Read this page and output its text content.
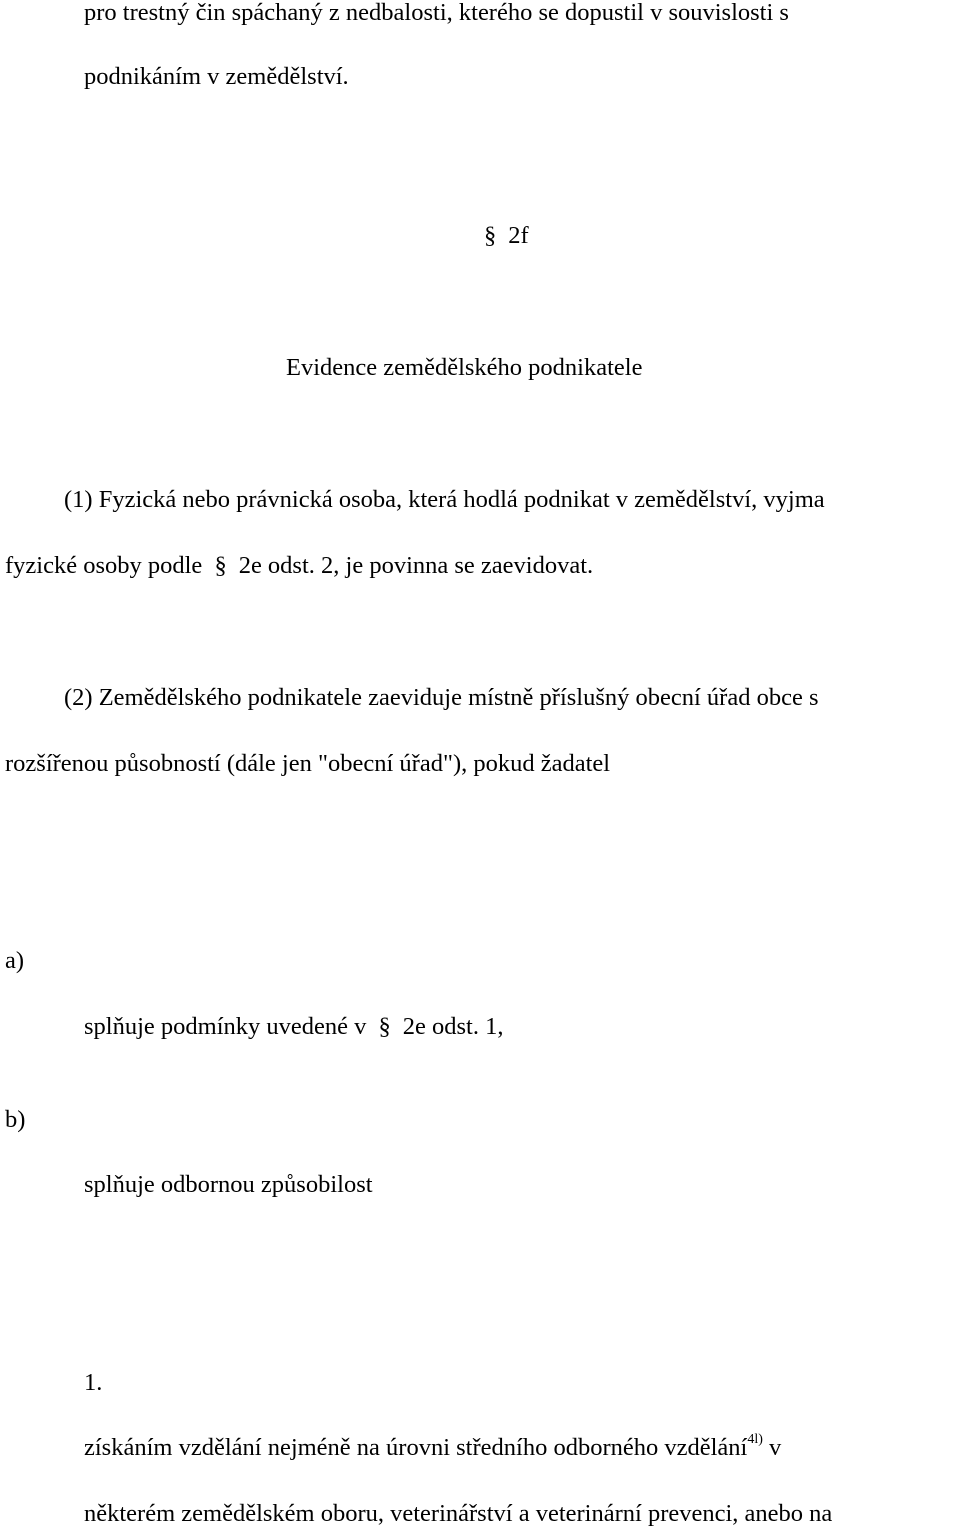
pro trestný čin spáchaný z nedbalosti, kterého se dopustil v souvislosti s

podnikáním v zemědělství.

§ 2f

Evidence zemědělského podnikatele

(1) Fyzická nebo právnická osoba, která hodlá podnikat v zemědělství, vyjma

fyzické osoby podle § 2e odst. 2, je povinna se zaevidovat.

(2) Zemědělského podnikatele zaeviduje místně příslušný obecní úřad obce s

rozšířenou působností (dále jen "obecní úřad"), pokud žadatel

a)

splňuje podmínky uvedené v § 2e odst. 1,

b)

splňuje odbornou způsobilost

1.

získáním vzdělání nejméně na úrovni středního odborného vzdělání$^{4l)}$ v

některém zemědělském oboru, veterinářství a veterinární prevenci, anebo na
